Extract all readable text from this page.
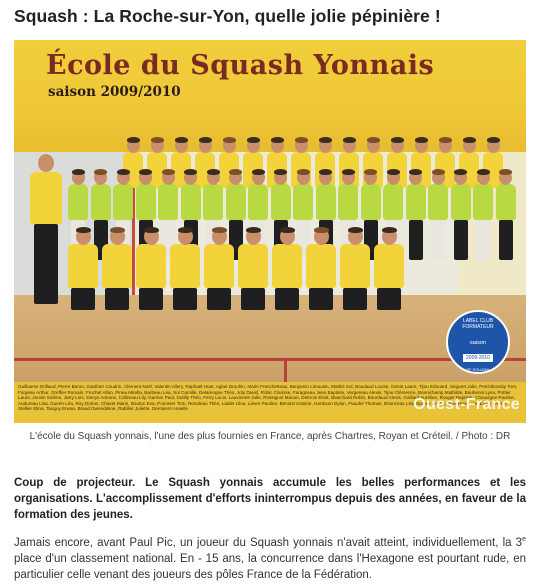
Squash : La Roche-sur-Yon, quelle jolie pépinière !
École du Squash Yonnais
saison 2009/2010
LABEL CLUB FORMATEUR
saison
2009-2010
FF SQUASH
Guillaume Drillaud, Pierre Baron, Gauthier Coudrin, Clément Noël, Valentin Allery, Raphaël Huet, Aglaé Drouhin, Marin Frenchetteau, Benjamin Limousin, Mathis Sol, Boudaud Louise, Genot Laure, Tijou Edouard, Seguret Julie, Petchikovsky Tom, Forgeau Arthur, Greffier Romain, Fruchet Allan, Pinea Mirella, Barbeau Léa, Sol Camille, Delarengne Théo, Joly David, Robic Clarisse, Faragneau Jean Baptiste, Vergereau Alexis, Tijou Clémence, Bonnichamp Mathilde, Bouhenni Lysa, Pottier Laure, Jouvin Solène, Jarry Loïc, Denys Antoine, Collineau Lily, Garnier Paul, Dutilly Théo, Ferry Lucie, Lauvinerie Julie, Rossignol Manon, Debrois Eliott, Blanchard Robin, Bourdaud Alexis, Gaillard Aurélien, Rouger Baptiste, Chauvigne Pauline, Audureau Lisa, Guerin Léa, Roy Dorian, Chavet Marie, Bouton Eva, Pommier Tom, Renoleau Théo, Laidet Lilou, Lièvre Pauline, Benoist Antoine, Hardouin Dylan, Piaudel Thomas, Brianceau Léa, Barbier Sacha, Pouvreau Lisa, Ellam Emma, Stellier Elina, Tanguy Erwan, Braud Gwendoline, Rabiller Juliette, Derosiers Anaelle	Ouest-France
L'école du Squash yonnais, l'une des plus fournies en France, après Chartres, Royan et Créteil. / Photo : DR
Coup de projecteur. Le Squash yonnais accumule les belles performances et les organisations. L'accomplissement d'efforts ininterrompus depuis des années, en faveur de la formation des jeunes.
Jamais encore, avant Paul Pic, un joueur du Squash yonnais n'avait atteint, individuellement, la 3e place d'un classement national. En - 15 ans, la concurrence dans l'Hexagone est pourtant rude, en particulier celle venant des joueurs des pôles France de la Fédération.
